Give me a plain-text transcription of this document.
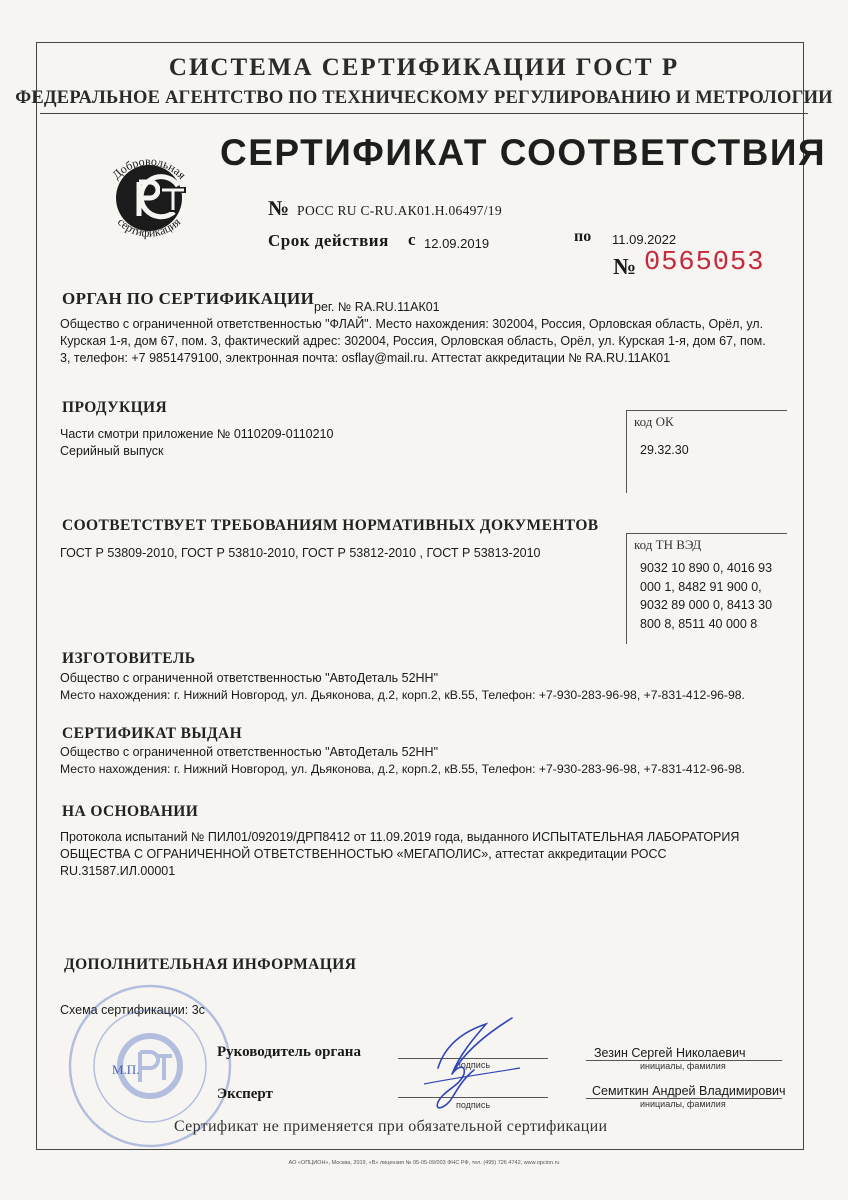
СИСТЕМА СЕРТИФИКАЦИИ ГОСТ Р
ФЕДЕРАЛЬНОЕ АГЕНТСТВО ПО ТЕХНИЧЕСКОМУ РЕГУЛИРОВАНИЮ И МЕТРОЛОГИИ
Добровольная
сертификация
СЕРТИФИКАТ СООТВЕТСТВИЯ
№ РОСС RU C-RU.АК01.Н.06497/19
Срок действия с 12.09.2019	по 11.09.2022
№ 0565053
ОРГАН ПО СЕРТИФИКАЦИИ рег. № RA.RU.11АК01
Общество с ограниченной ответственностью "ФЛАЙ". Место нахождения: 302004, Россия, Орловская область, Орёл, ул.
Курская 1-я, дом 67, пом. 3, фактический адрес: 302004, Россия, Орловская область, Орёл, ул. Курская 1-я, дом 67, пом.
3, телефон: +7 9851479100, электронная почта: osflay@mail.ru. Аттестат аккредитации № RA.RU.11АК01
ПРОДУКЦИЯ
Части смотри приложение № 0110209-0110210
Серийный выпуск
код ОК
29.32.30
СООТВЕТСТВУЕТ ТРЕБОВАНИЯМ НОРМАТИВНЫХ ДОКУМЕНТОВ
ГОСТ Р 53809-2010, ГОСТ Р 53810-2010, ГОСТ Р 53812-2010 , ГОСТ Р 53813-2010
код ТН ВЭД
9032 10 890 0, 4016 93
000 1, 8482 91 900 0,
9032 89 000 0, 8413 30
800 8, 8511 40 000 8
ИЗГОТОВИТЕЛЬ
Общество с ограниченной ответственностью "АвтоДеталь 52НН"
Место нахождения: г. Нижний Новгород, ул. Дьяконова, д.2, корп.2, кВ.55, Телефон: +7-930-283-96-98, +7-831-412-96-98.
СЕРТИФИКАТ ВЫДАН
Общество с ограниченной ответственностью "АвтоДеталь 52НН"
Место нахождения: г. Нижний Новгород, ул. Дьяконова, д.2, корп.2, кВ.55, Телефон: +7-930-283-96-98, +7-831-412-96-98.
НА ОСНОВАНИИ
Протокола испытаний № ПИЛ01/092019/ДРП8412 от 11.09.2019 года, выданного ИСПЫТАТЕЛЬНАЯ ЛАБОРАТОРИЯ
ОБЩЕСТВА С ОГРАНИЧЕННОЙ ОТВЕТСТВЕННОСТЬЮ «МЕГАПОЛИС», аттестат аккредитации РОСС
RU.31587.ИЛ.00001
ДОПОЛНИТЕЛЬНАЯ ИНФОРМАЦИЯ
Схема сертификации: 3с
М.П.
Руководитель органа
подпись
Зезин Сергей Николаевич
инициалы, фамилия
Эксперт
подпись
Семиткин Андрей Владимирович
инициалы, фамилия
Сертификат не применяется при обязательной сертификации
АО «ОПЦИОН», Москва, 2019, «В» лицензия № 05-05-09/003 ФНС РФ, тел. (495) 726 4742, www.opcion.ru
